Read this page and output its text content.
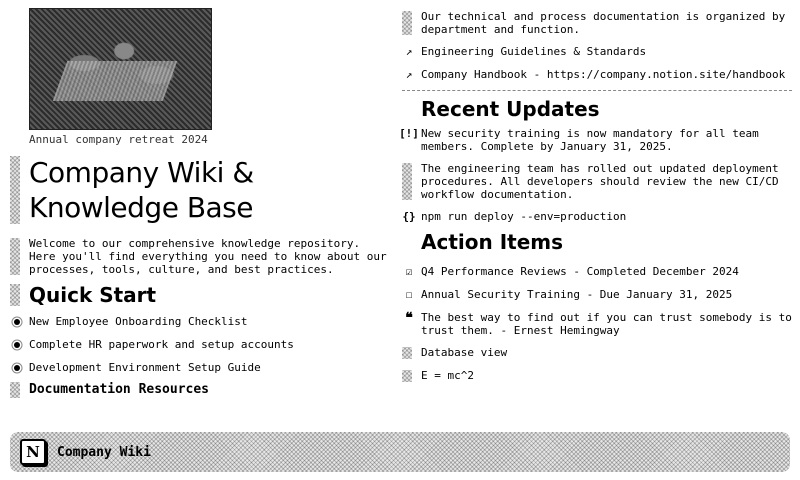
Annual company retreat 2024
Company Wiki & Knowledge Base
Welcome to our comprehensive knowledge repository. Here you'll find everything you need to know about our processes, tools, culture, and best practices.
Quick Start
New Employee Onboarding Checklist
Complete HR paperwork and setup accounts
Development Environment Setup Guide
Documentation Resources
Our technical and process documentation is organized by department and function.
↗ Engineering Guidelines & Standards
↗ Company Handbook - https://company.notion.site/handbook
Recent Updates
[!] New security training is now mandatory for all team members. Complete by January 31, 2025.
The engineering team has rolled out updated deployment procedures. All developers should review the new CI/CD workflow documentation.
{} npm run deploy --env=production
Action Items
☑ Q4 Performance Reviews - Completed December 2024
☐ Annual Security Training - Due January 31, 2025
❝ The best way to find out if you can trust somebody is to trust them. - Ernest Hemingway
Database view
E = mc^2
N	Company Wiki
